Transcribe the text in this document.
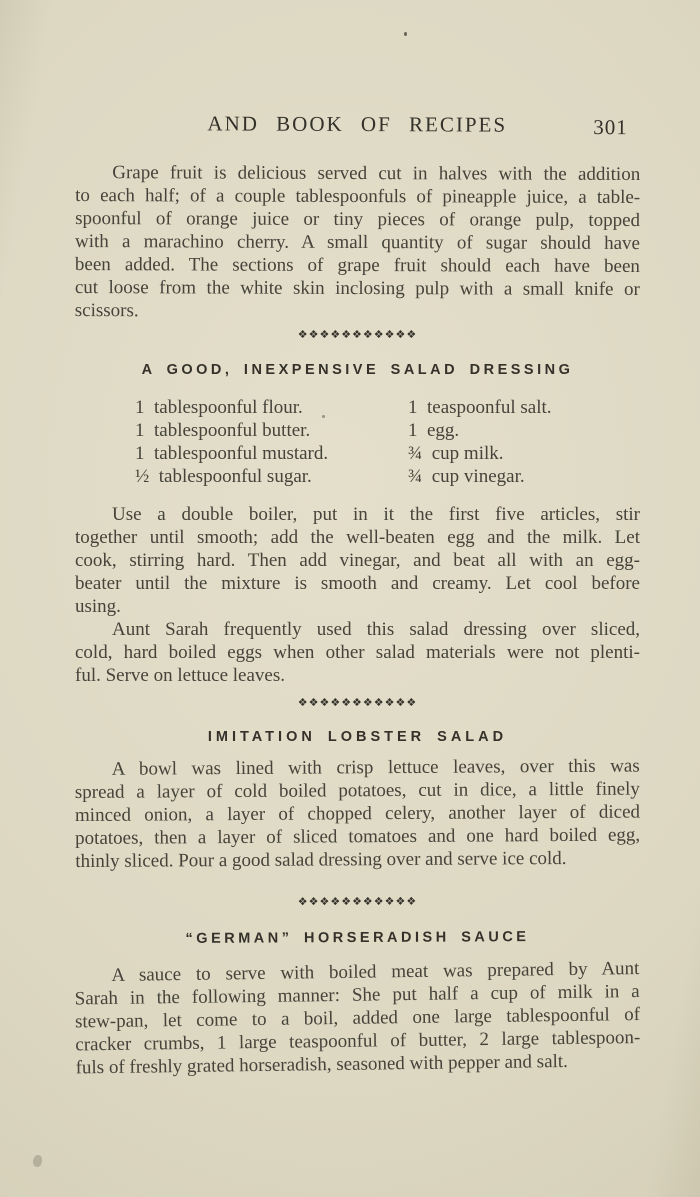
AND BOOK OF RECIPES	301
Grape fruit is delicious served cut in halves with the addition
to each half; of a couple tablespoonfuls of pineapple juice, a table-
spoonful of orange juice or tiny pieces of orange pulp, topped
with a marachino cherry. A small quantity of sugar should have
been added. The sections of grape fruit should each have been
cut loose from the white skin inclosing pulp with a small knife or
scissors.
❖❖❖❖❖❖❖❖❖❖❖
A GOOD, INEXPENSIVE SALAD DRESSING
1  tablespoonful flour.
1  tablespoonful butter.
1  tablespoonful mustard.
½  tablespoonful sugar.
1  teaspoonful salt.
1  egg.
¾  cup milk.
¾  cup vinegar.
Use a double boiler, put in it the first five articles, stir
together until smooth; add the well-beaten egg and the milk. Let
cook, stirring hard. Then add vinegar, and beat all with an egg-
beater until the mixture is smooth and creamy. Let cool before
using.
Aunt Sarah frequently used this salad dressing over sliced,
cold, hard boiled eggs when other salad materials were not plenti-
ful. Serve on lettuce leaves.
❖❖❖❖❖❖❖❖❖❖❖
IMITATION LOBSTER SALAD
A bowl was lined with crisp lettuce leaves, over this was
spread a layer of cold boiled potatoes, cut in dice, a little finely
minced onion, a layer of chopped celery, another layer of diced
potatoes, then a layer of sliced tomatoes and one hard boiled egg,
thinly sliced. Pour a good salad dressing over and serve ice cold.
❖❖❖❖❖❖❖❖❖❖❖
“GERMAN” HORSERADISH SAUCE
A sauce to serve with boiled meat was prepared by Aunt
Sarah in the following manner: She put half a cup of milk in a
stew-pan, let come to a boil, added one large tablespoonful of
cracker crumbs, 1 large teaspoonful of butter, 2 large tablespoon-
fuls of freshly grated horseradish, seasoned with pepper and salt.
